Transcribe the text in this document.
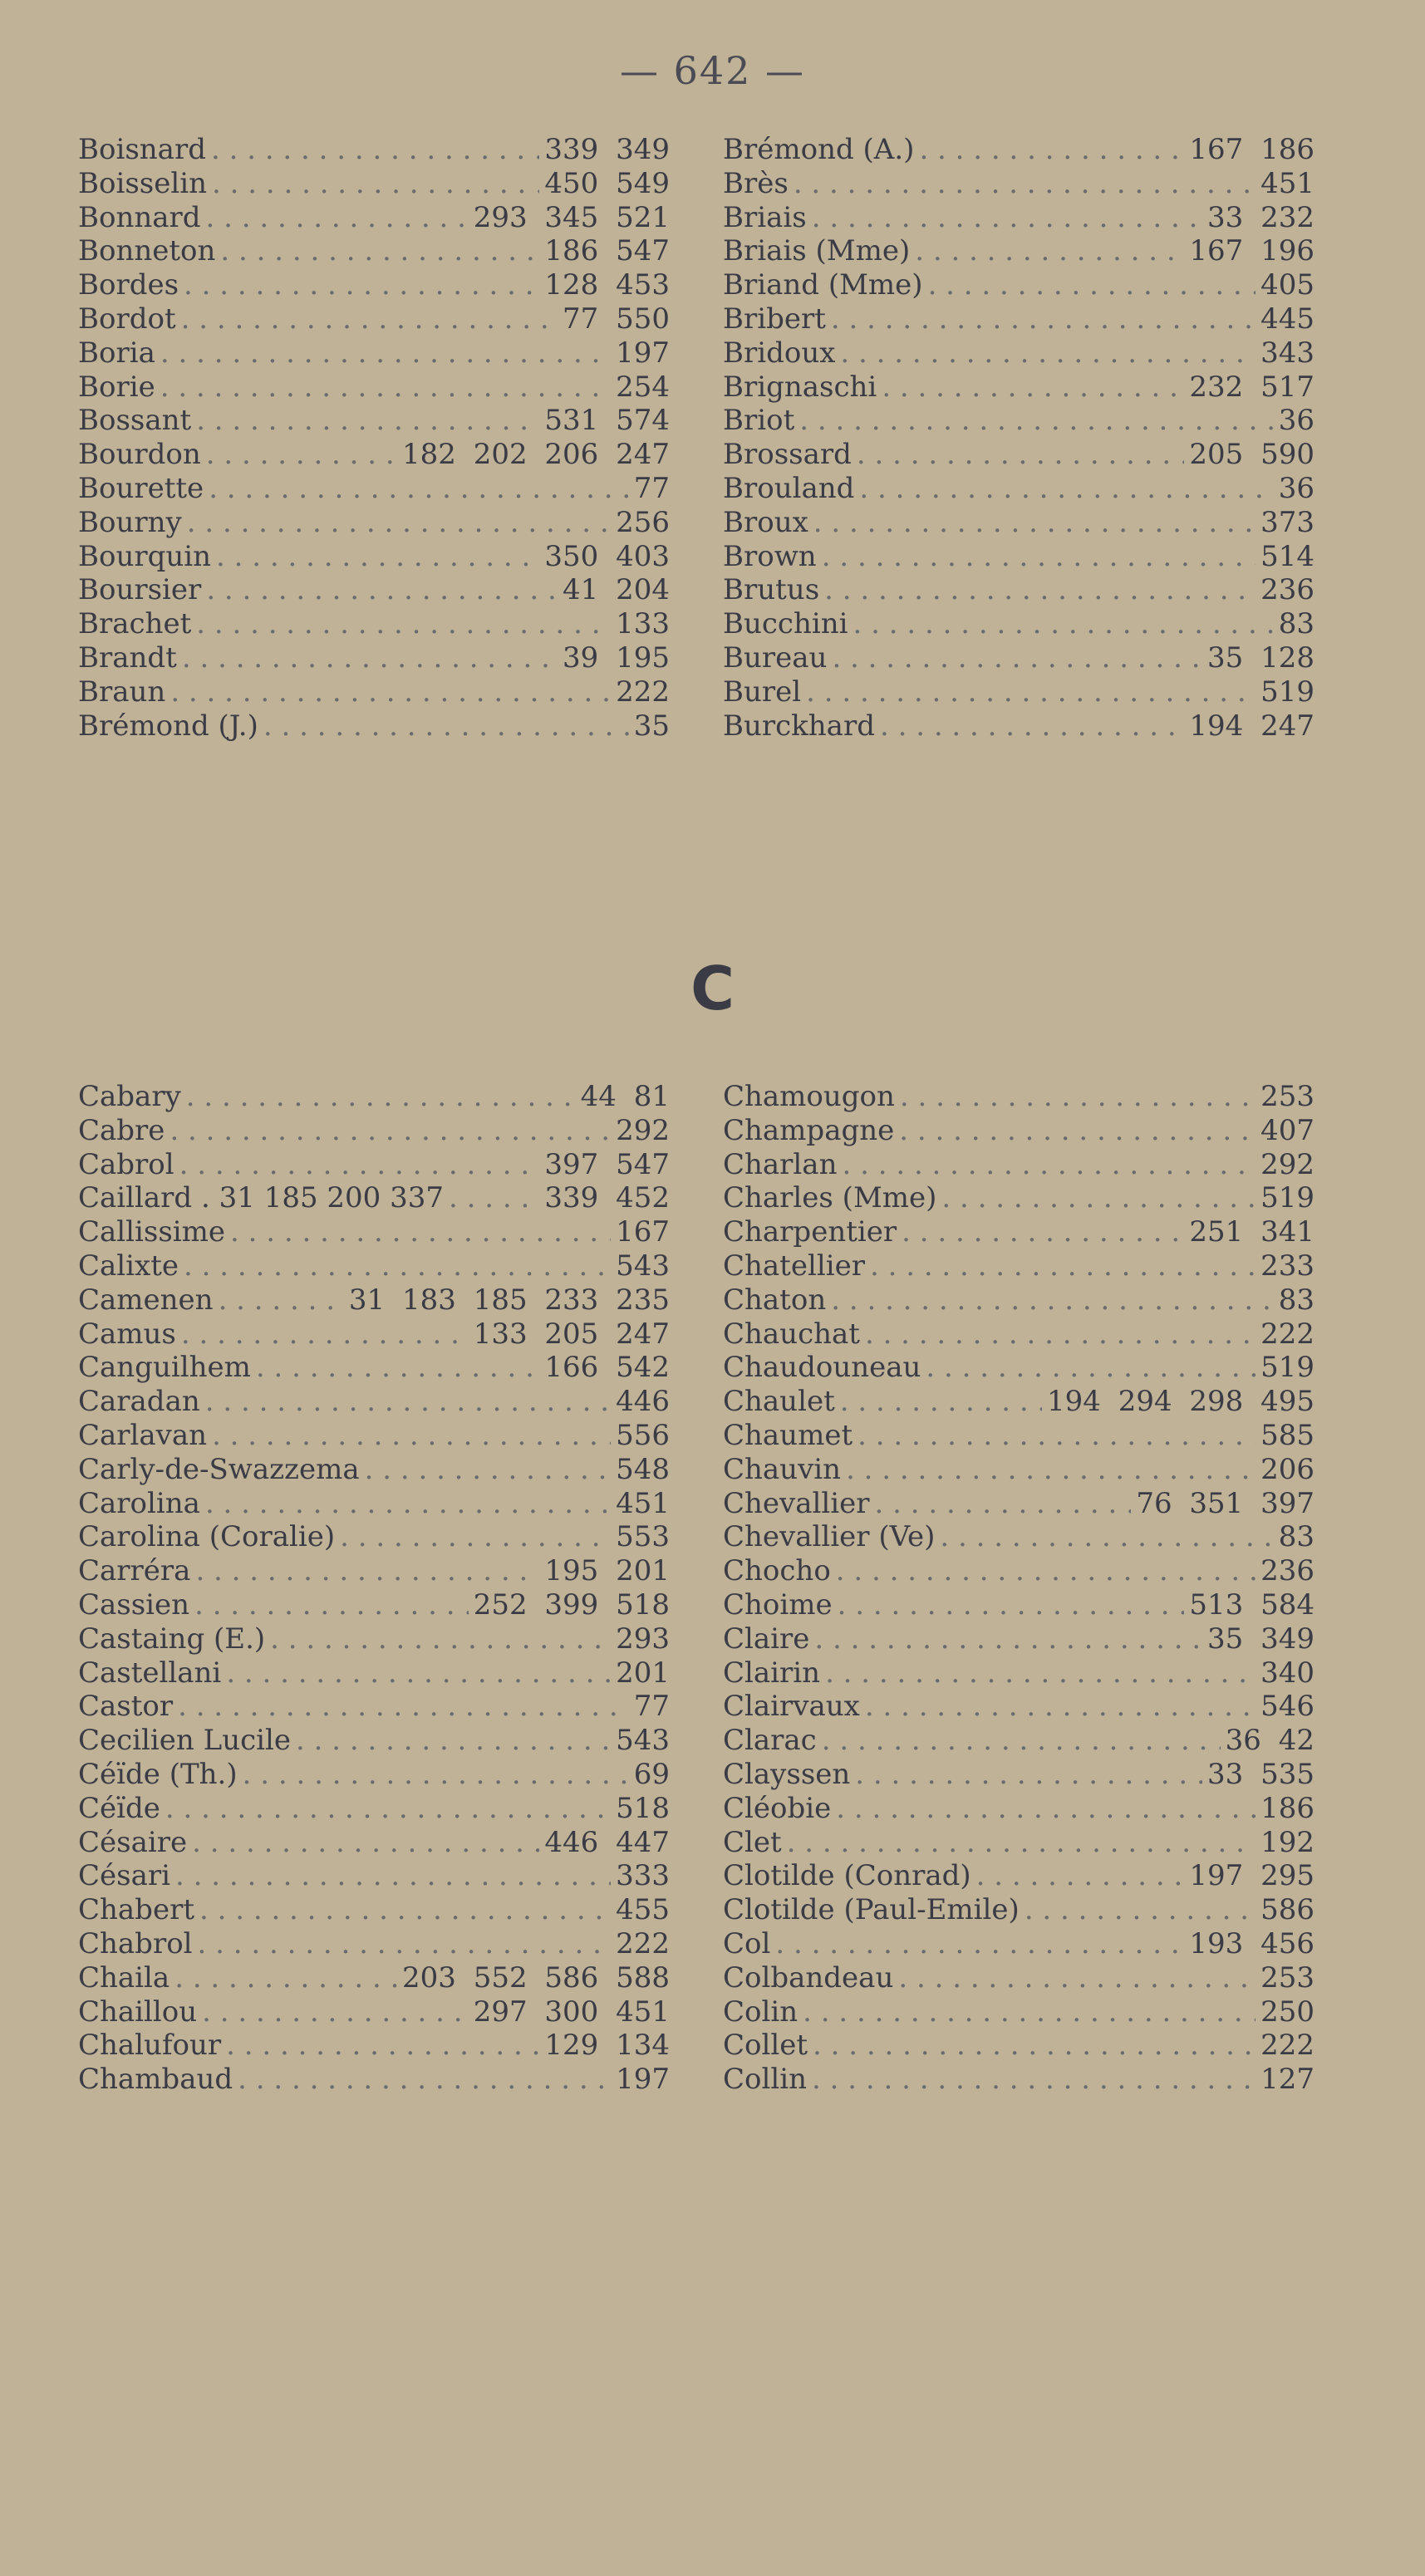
— 642 —
Boisnard . . .	339 349
Boisselin . . .	450 549
Bonnard . . .	293 345 521
Bonneton . . .	186 547
Bordes . . .	128 453
Bordot . . .	77 550
Boria . . .	197
Borie . . .	254
Bossant . . .	531 574
Bourdon . . .	182 202 206 247
Bourette . . .	77
Bourny . . .	256
Bourquin . . .	350 403
Boursier . . .	41 204
Brachet . . .	133
Brandt . . .	39 195
Braun . . .	222
Brémond (J.) . . .	35
Brémond (A.) . . .	167 186
Brès . . .	451
Briais . . .	33 232
Briais (Mme) . . .	167 196
Briand (Mme) . . .	405
Bribert . . .	445
Bridoux . . .	343
Brignaschi . . .	232 517
Briot . . .	36
Brossard . . .	205 590
Brouland . . .	36
Broux . . .	373
Brown . . .	514
Brutus . . .	236
Bucchini . . .	83
Bureau . . .	35 128
Burel . . .	519
Burckhard . . .	194 247
C
Cabary . . .	44 81
Cabre . . .	292
Cabrol . . .	397 547
Caillard . 31 185 200 337 . . .	339 452
Callissime . . .	167
Calixte . . .	543
Camenen . . .	31 183 185 233 235
Camus . . .	133 205 247
Canguilhem . . .	166 542
Caradan . . .	446
Carlavan . . .	556
Carly-de-Swazzema . . .	548
Carolina . . .	451
Carolina (Coralie) . . .	553
Carréra . . .	195 201
Cassien . . .	252 399 518
Castaing (E.) . . .	293
Castellani . . .	201
Castor . . .	77
Cecilien Lucile . . .	543
Céïde (Th.) . . .	69
Céïde . . .	518
Césaire . . .	446 447
Césari . . .	333
Chabert . . .	455
Chabrol . . .	222
Chaila . . .	203 552 586 588
Chaillou . . .	297 300 451
Chalufour . . .	129 134
Chambaud . . .	197
Chamougon . . .	253
Champagne . . .	407
Charlan . . .	292
Charles (Mme) . . .	519
Charpentier . . .	251 341
Chatellier . . .	233
Chaton . . .	83
Chauchat . . .	222
Chaudouneau . . .	519
Chaulet . . .	194 294 298 495
Chaumet . . .	585
Chauvin . . .	206
Chevallier . . .	76 351 397
Chevallier (Ve) . . .	83
Chocho . . .	236
Choime . . .	513 584
Claire . . .	35 349
Clairin . . .	340
Clairvaux . . .	546
Clarac . . .	36 42
Clayssen . . .	33 535
Cléobie . . .	186
Clet . . .	192
Clotilde (Conrad) . . .	197 295
Clotilde (Paul-Emile) . . .	586
Col . . .	193 456
Colbandeau . . .	253
Colin . . .	250
Collet . . .	222
Collin . . .	127
